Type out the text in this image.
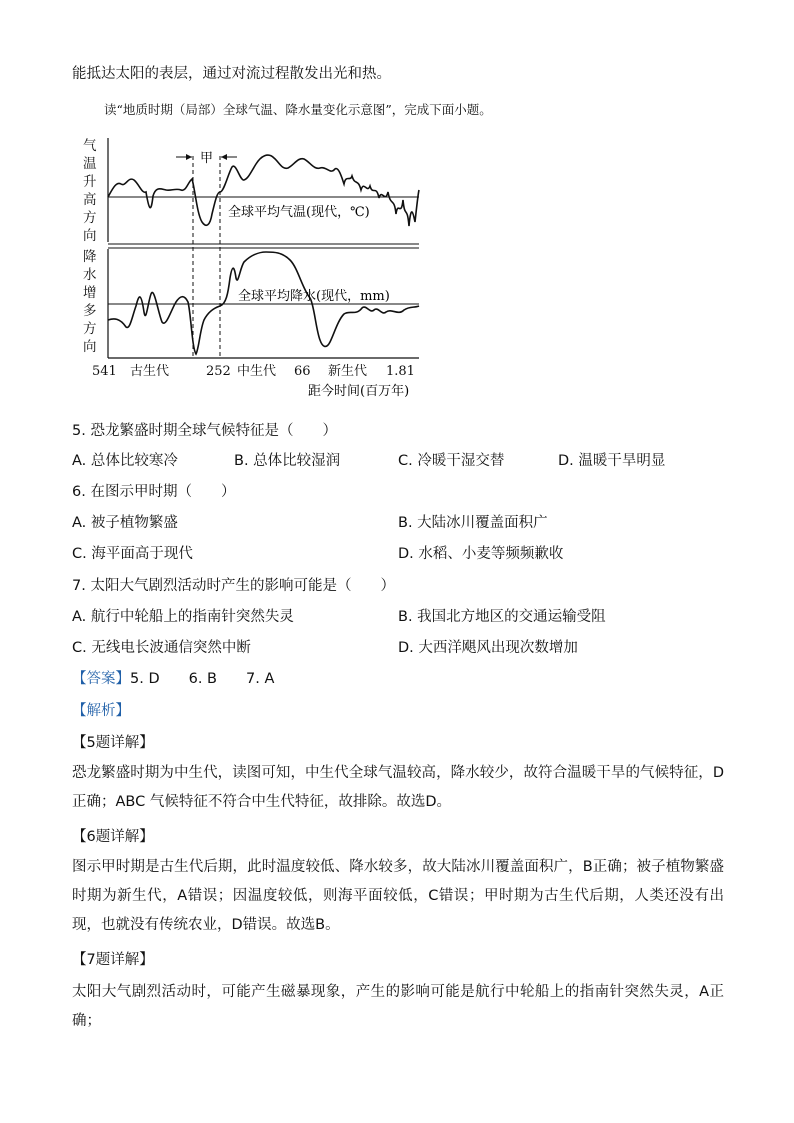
能抵达太阳的表层，通过对流过程散发出光和热。
读“地质时期（局部）全球气温、降水量变化示意图”，完成下面小题。
气
温
升
高
方
向
降
水
增
多
方
向
甲
全球平均气温(现代，℃)
全球平均降水(现代，mm)
541 古生代	252 中生代 66 新生代 1.81
距今时间(百万年)
5. 恐龙繁盛时期全球气候特征是（　　）
A. 总体比较寒冷	B. 总体比较湿润	C. 冷暖干湿交替	D. 温暖干旱明显
6. 在图示甲时期（　　）
A. 被子植物繁盛	B. 大陆冰川覆盖面积广
C. 海平面高于现代	D. 水稻、小麦等频频歉收
7. 太阳大气剧烈活动时产生的影响可能是（　　）
A. 航行中轮船上的指南针突然失灵	B. 我国北方地区的交通运输受阻
C. 无线电长波通信突然中断	D. 大西洋飓风出现次数增加
【答案】5. D　　6. B　　7. A
【解析】
【5题详解】
恐龙繁盛时期为中生代，读图可知，中生代全球气温较高，降水较少，故符合温暖干旱的气候特征，D正确；ABC 气候特征不符合中生代特征，故排除。故选D。
【6题详解】
图示甲时期是古生代后期，此时温度较低、降水较多，故大陆冰川覆盖面积广，B正确；被子植物繁盛时期为新生代，A错误；因温度较低，则海平面较低，C错误；甲时期为古生代后期，人类还没有出现，也就没有传统农业，D错误。故选B。
【7题详解】
太阳大气剧烈活动时，可能产生磁暴现象，产生的影响可能是航行中轮船上的指南针突然失灵，A正确；
